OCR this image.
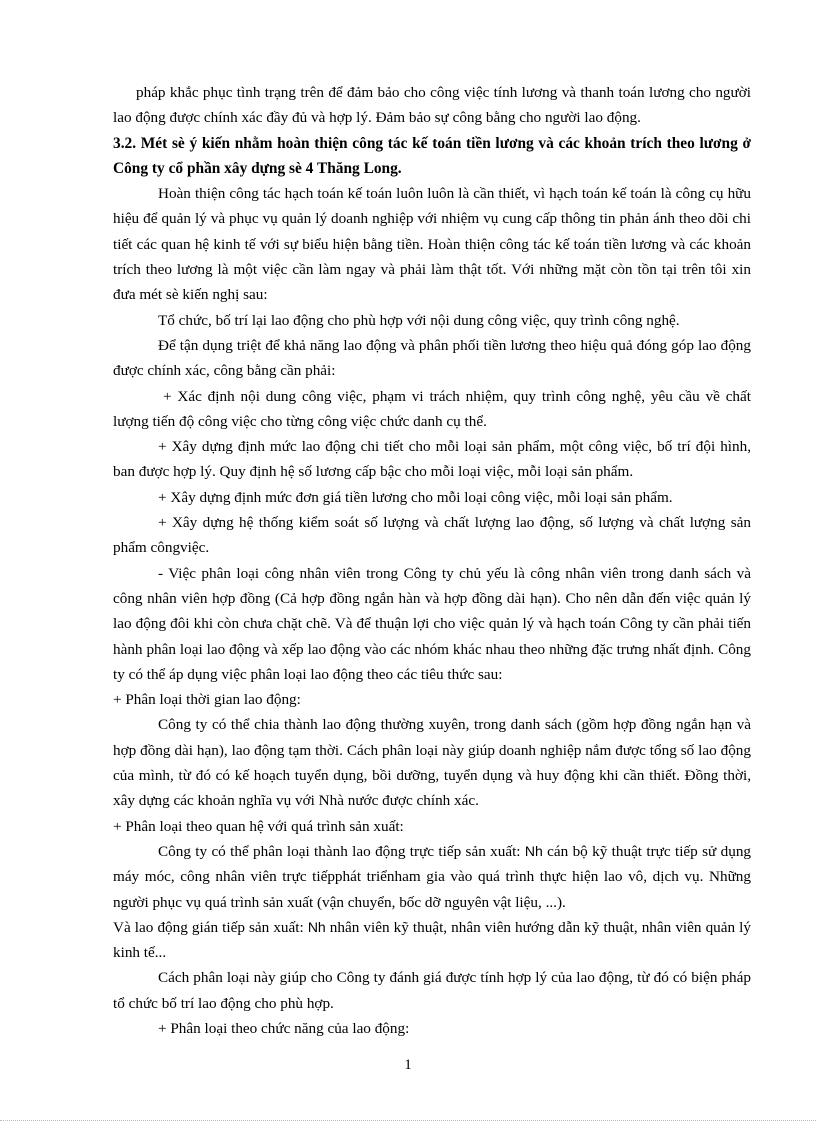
pháp khắc phục tình trạng trên để đảm bảo cho công việc tính lương và thanh toán lương cho người lao động được chính xác đầy đủ và hợp lý. Đảm bảo sự công bằng cho người lao động.

3.2. Mét sè ý kiến nhằm hoàn thiện công tác kế toán tiền lương và các khoản trích theo lương ở Công ty cổ phần xây dựng sè 4 Thăng Long.

Hoàn thiện công tác hạch toán kế toán luôn luôn là cần thiết, vì hạch toán kế toán là công cụ hữu hiệu để quản lý và phục vụ quản lý doanh nghiệp với nhiệm vụ cung cấp thông tin phản ánh theo dõi chi tiết các quan hệ kinh tế với sự biểu hiện bằng tiền. Hoàn thiện công tác kế toán tiền lương và các khoản trích theo lương là một việc cần làm ngay và phải làm thật tốt. Với những mặt còn tồn tại trên tôi xin đưa mét sè kiến nghị sau:

Tổ chức, bố trí lại lao động cho phù hợp với nội dung công việc, quy trình công nghệ.

Để tận dụng triệt để khả năng lao động và phân phối tiền lương theo hiệu quả đóng góp lao động được chính xác, công bằng cần phải:

+ Xác định nội dung công việc, phạm vi trách nhiệm, quy trình công nghệ, yêu cầu về chất lượng tiến độ công việc cho từng công việc chức danh cụ thể.

+ Xây dựng định mức lao động chi tiết cho mỗi loại sản phẩm, một công việc, bố trí đội hình, ban được hợp lý. Quy định hệ số lương cấp bậc cho mỗi loại việc, mỗi loại sản phẩm.

+ Xây dựng định mức đơn giá tiền lương cho mỗi loại công việc, mỗi loại sản phẩm.

+ Xây dựng hệ thống kiểm soát số lượng và chất lượng lao động, số lượng và chất lượng sản phẩm côngviệc.

- Việc phân loại công nhân viên trong Công ty chủ yếu là công nhân viên trong danh sách và công nhân viên hợp đồng (Cả hợp đồng ngắn hàn và hợp đồng dài hạn). Cho nên dẫn đến việc quản lý lao động đôi khi còn chưa chặt chẽ. Và để thuận lợi cho việc quản lý và hạch toán Công ty cần phải tiến hành phân loại lao động và xếp lao động vào các nhóm khác nhau theo những đặc trưng nhất định. Công ty có thể áp dụng việc phân loại lao động theo các tiêu thức sau:

+ Phân loại thời gian lao động:

Công ty có thể chia thành lao động thường xuyên, trong danh sách (gồm hợp đồng ngắn hạn và hợp đồng dài hạn), lao động tạm thời. Cách phân loại này giúp doanh nghiệp nắm được tổng số lao động của mình, từ đó có kế hoạch tuyển dụng, bồi dưỡng, tuyển dụng và huy động khi cần thiết. Đồng thời, xây dựng các khoản nghĩa vụ với Nhà nước được chính xác.

+ Phân loại theo quan hệ với quá trình sản xuất:

Công ty có thể phân loại thành lao động trực tiếp sản xuất: Nh cán bộ kỹ thuật trực tiếp sử dụng máy móc, công nhân viên trực tiếpphát triểnham gia vào quá trình thực hiện lao vô, dịch vụ. Những người phục vụ quá trình sản xuất (vận chuyển, bốc dỡ nguyên vật liệu, ...).

Và lao động gián tiếp sản xuất: Nh nhân viên kỹ thuật, nhân viên hướng dẫn kỹ thuật, nhân viên quản lý kinh tế...

Cách phân loại này giúp cho Công ty đánh giá được tính hợp lý của lao động, từ đó có biện pháp tổ chức bố trí lao động cho phù hợp.

+ Phân loại theo chức năng của lao động:

1
